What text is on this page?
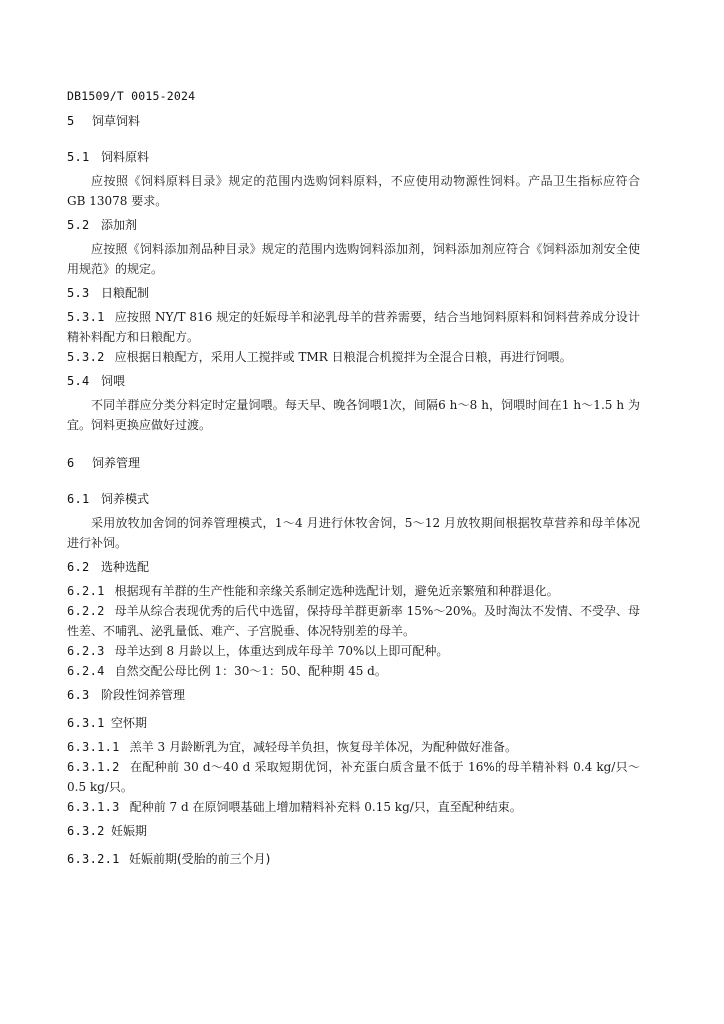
DB1509/T 0015-2024
5 饲草饲料
5.1 饲料原料

应按照《饲料原料目录》规定的范围内选购饲料原料，不应使用动物源性饲料。产品卫生指标应符合 GB 13078 要求。

5.2 添加剂

应按照《饲料添加剂品种目录》规定的范围内选购饲料添加剂，饲料添加剂应符合《饲料添加剂安全使用规范》的规定。

5.3 日粮配制

5.3.1 应按照 NY/T 816 规定的妊娠母羊和泌乳母羊的营养需要，结合当地饲料原料和饲料营养成分设计精补料配方和日粮配方。

5.3.2 应根据日粮配方，采用人工搅拌或 TMR 日粮混合机搅拌为全混合日粮，再进行饲喂。

5.4 饲喂

不同羊群应分类分料定时定量饲喂。每天早、晚各饲喂1次，间隔6 h～8 h，饲喂时间在1 h～1.5 h 为宜。饲料更换应做好过渡。

6 饲养管理
6.1 饲养模式

采用放牧加舍饲的饲养管理模式，1～4 月进行休牧舍饲，5～12 月放牧期间根据牧草营养和母羊体况进行补饲。

6.2 选种选配

6.2.1 根据现有羊群的生产性能和亲缘关系制定选种选配计划，避免近亲繁殖和种群退化。

6.2.2 母羊从综合表现优秀的后代中选留，保持母羊群更新率 15%～20%。及时淘汰不发情、不受孕、母性差、不哺乳、泌乳量低、难产、子宫脱垂、体况特别差的母羊。

6.2.3 母羊达到 8 月龄以上，体重达到成年母羊 70%以上即可配种。

6.2.4 自然交配公母比例 1：30～1：50、配种期 45 d。

6.3 阶段性饲养管理
6.3.1 空怀期

6.3.1.1 羔羊 3 月龄断乳为宜，减轻母羊负担，恢复母羊体况，为配种做好准备。

6.3.1.2 在配种前 30 d～40 d 采取短期优饲，补充蛋白质含量不低于 16%的母羊精补料 0.4 kg/只～0.5 kg/只。

6.3.1.3 配种前 7 d 在原饲喂基础上增加精料补充料 0.15 kg/只，直至配种结束。

6.3.2 妊娠期
6.3.2.1 妊娠前期(受胎的前三个月)
